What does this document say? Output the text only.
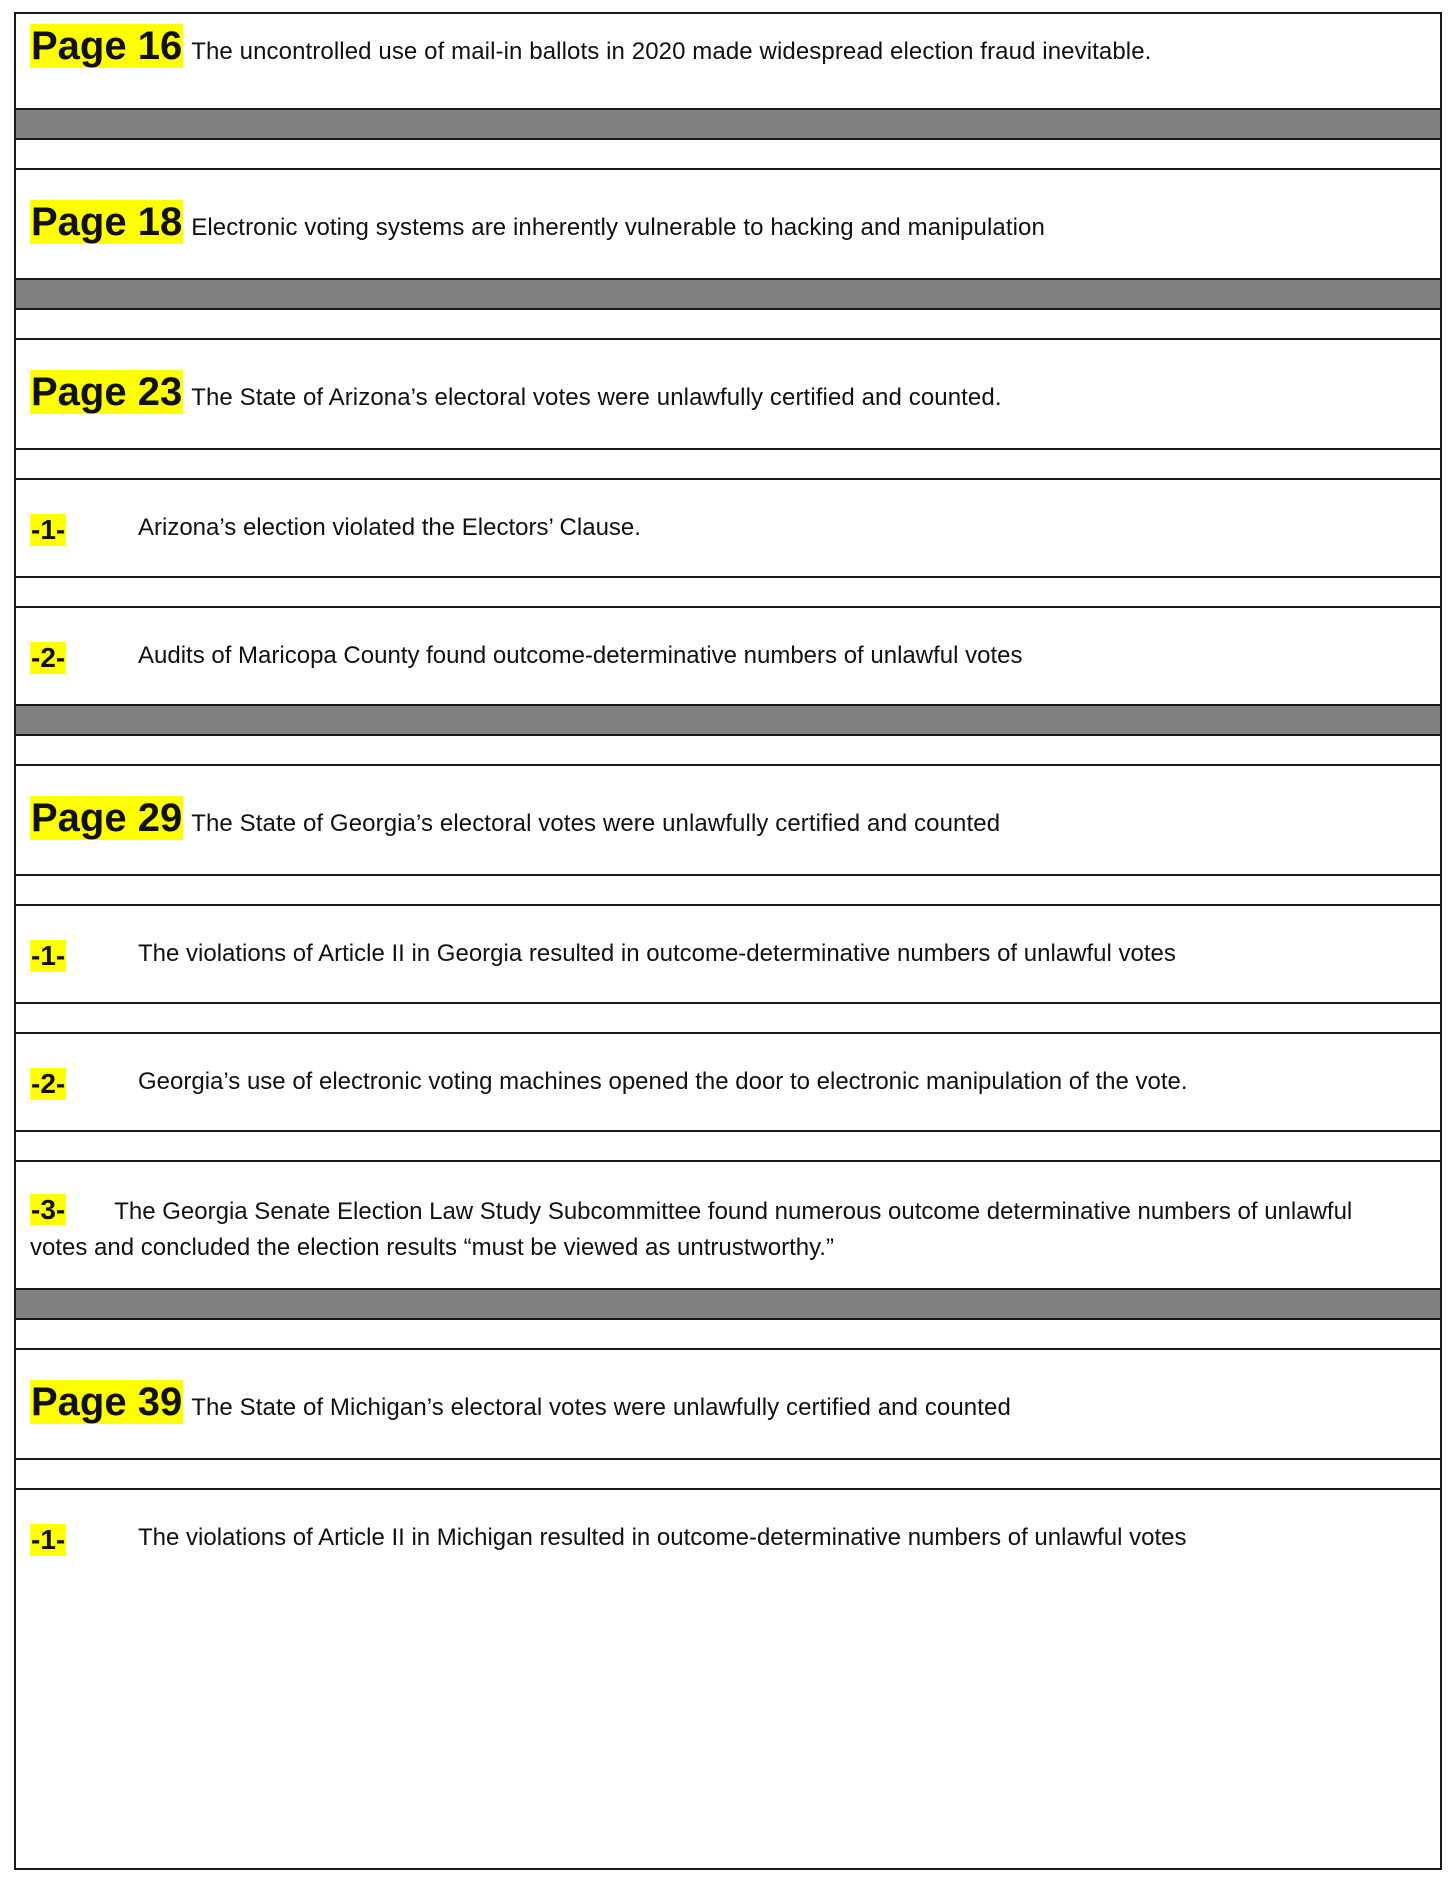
Page 16 The uncontrolled use of mail-in ballots in 2020 made widespread election fraud inevitable.
Page 18 Electronic voting systems are inherently vulnerable to hacking and manipulation
Page 23 The State of Arizona’s electoral votes were unlawfully certified and counted.
-1-	Arizona’s election violated the Electors’ Clause.
-2-	Audits of Maricopa County found outcome-determinative numbers of unlawful votes
Page 29 The State of Georgia’s electoral votes were unlawfully certified and counted
-1-	The violations of Article II in Georgia resulted in outcome-determinative numbers of unlawful votes
-2-	Georgia’s use of electronic voting machines opened the door to electronic manipulation of the vote.
-3- The Georgia Senate Election Law Study Subcommittee found numerous outcome determinative numbers of unlawful votes and concluded the election results “must be viewed as untrustworthy.”
Page 39 The State of Michigan’s electoral votes were unlawfully certified and counted
-1-	The violations of Article II in Michigan resulted in outcome-determinative numbers of unlawful votes
